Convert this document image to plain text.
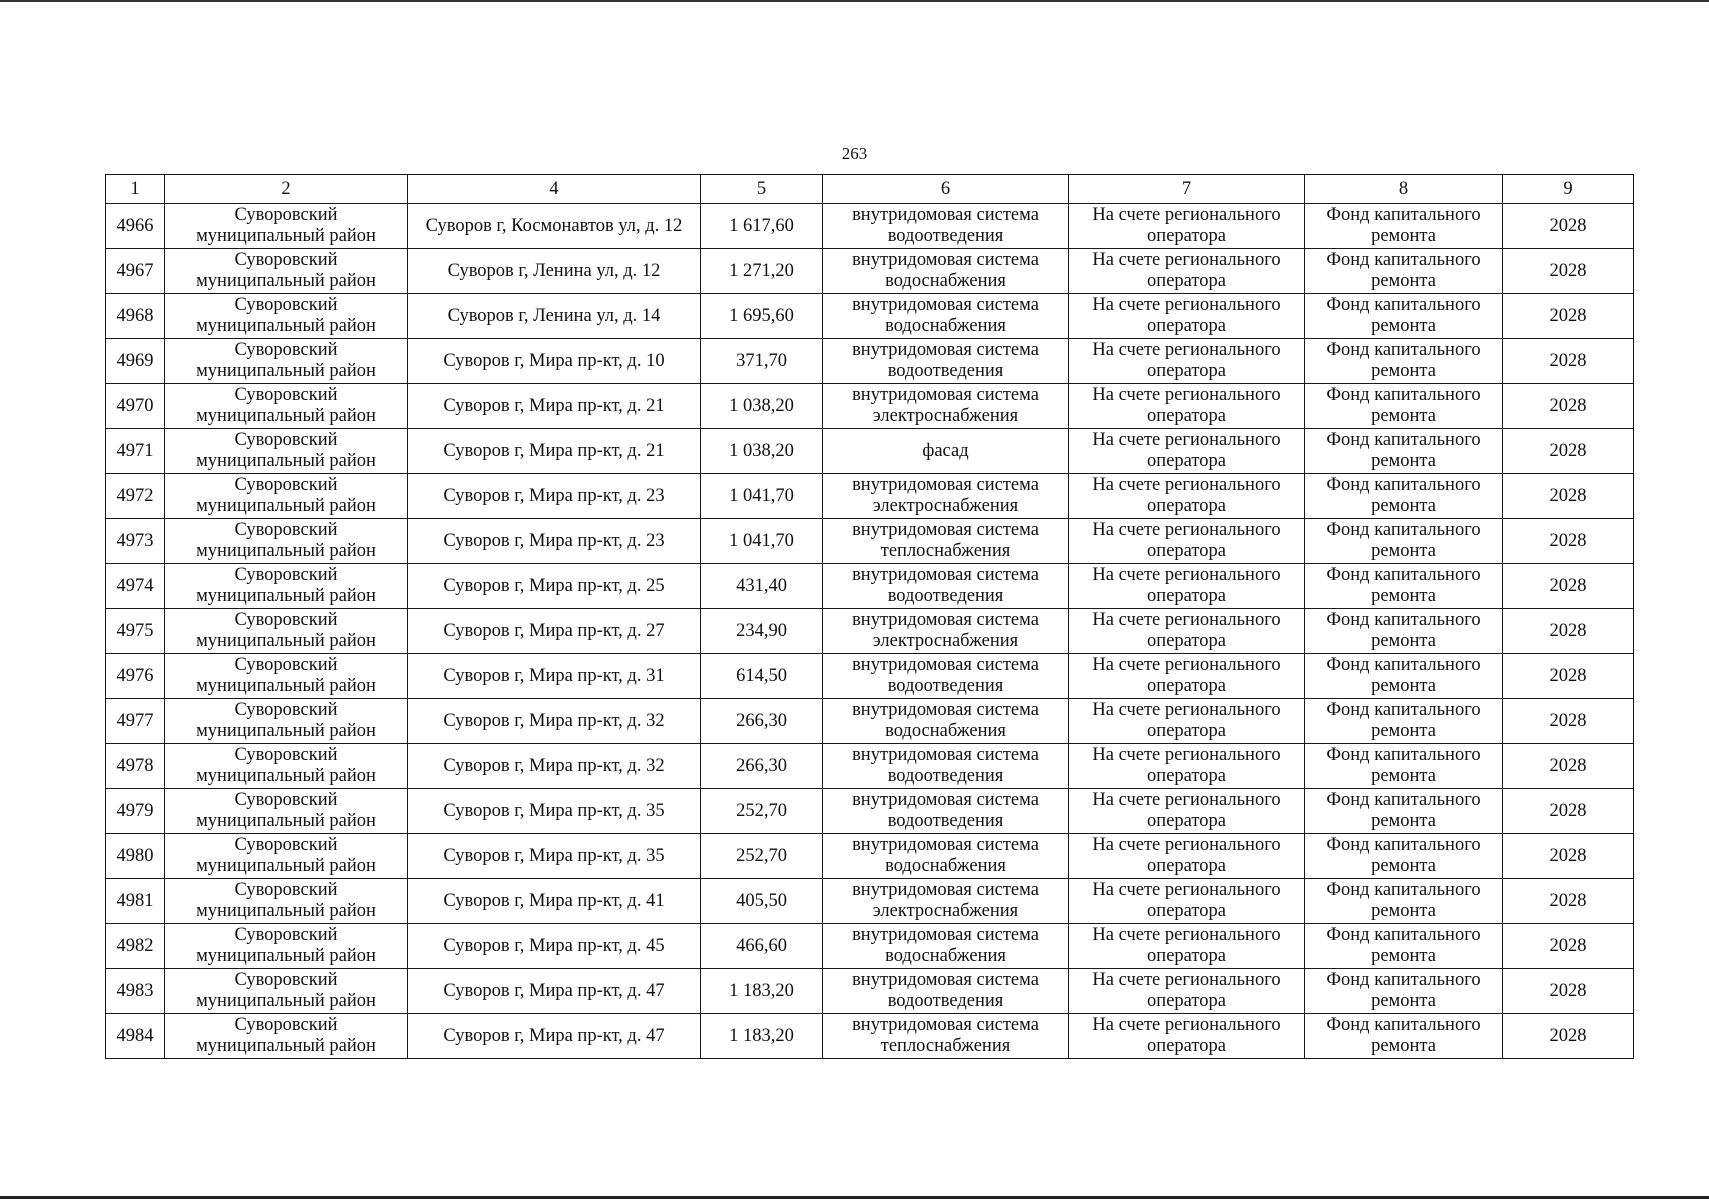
263
1	2	4	5	6	7	8	9
4966	Суворовский муниципальный район	Суворов г, Космонавтов ул, д. 12	1 617,60	внутридомовая система водоотведения	На счете регионального оператора	Фонд капитального ремонта	2028
4967	Суворовский муниципальный район	Суворов г, Ленина ул, д. 12	1 271,20	внутридомовая система водоснабжения	На счете регионального оператора	Фонд капитального ремонта	2028
4968	Суворовский муниципальный район	Суворов г, Ленина ул, д. 14	1 695,60	внутридомовая система водоснабжения	На счете регионального оператора	Фонд капитального ремонта	2028
4969	Суворовский муниципальный район	Суворов г, Мира пр-кт, д. 10	371,70	внутридомовая система водоотведения	На счете регионального оператора	Фонд капитального ремонта	2028
4970	Суворовский муниципальный район	Суворов г, Мира пр-кт, д. 21	1 038,20	внутридомовая система электроснабжения	На счете регионального оператора	Фонд капитального ремонта	2028
4971	Суворовский муниципальный район	Суворов г, Мира пр-кт, д. 21	1 038,20	фасад	На счете регионального оператора	Фонд капитального ремонта	2028
4972	Суворовский муниципальный район	Суворов г, Мира пр-кт, д. 23	1 041,70	внутридомовая система электроснабжения	На счете регионального оператора	Фонд капитального ремонта	2028
4973	Суворовский муниципальный район	Суворов г, Мира пр-кт, д. 23	1 041,70	внутридомовая система теплоснабжения	На счете регионального оператора	Фонд капитального ремонта	2028
4974	Суворовский муниципальный район	Суворов г, Мира пр-кт, д. 25	431,40	внутридомовая система водоотведения	На счете регионального оператора	Фонд капитального ремонта	2028
4975	Суворовский муниципальный район	Суворов г, Мира пр-кт, д. 27	234,90	внутридомовая система электроснабжения	На счете регионального оператора	Фонд капитального ремонта	2028
4976	Суворовский муниципальный район	Суворов г, Мира пр-кт, д. 31	614,50	внутридомовая система водоотведения	На счете регионального оператора	Фонд капитального ремонта	2028
4977	Суворовский муниципальный район	Суворов г, Мира пр-кт, д. 32	266,30	внутридомовая система водоснабжения	На счете регионального оператора	Фонд капитального ремонта	2028
4978	Суворовский муниципальный район	Суворов г, Мира пр-кт, д. 32	266,30	внутридомовая система водоотведения	На счете регионального оператора	Фонд капитального ремонта	2028
4979	Суворовский муниципальный район	Суворов г, Мира пр-кт, д. 35	252,70	внутридомовая система водоотведения	На счете регионального оператора	Фонд капитального ремонта	2028
4980	Суворовский муниципальный район	Суворов г, Мира пр-кт, д. 35	252,70	внутридомовая система водоснабжения	На счете регионального оператора	Фонд капитального ремонта	2028
4981	Суворовский муниципальный район	Суворов г, Мира пр-кт, д. 41	405,50	внутридомовая система электроснабжения	На счете регионального оператора	Фонд капитального ремонта	2028
4982	Суворовский муниципальный район	Суворов г, Мира пр-кт, д. 45	466,60	внутридомовая система водоснабжения	На счете регионального оператора	Фонд капитального ремонта	2028
4983	Суворовский муниципальный район	Суворов г, Мира пр-кт, д. 47	1 183,20	внутридомовая система водоотведения	На счете регионального оператора	Фонд капитального ремонта	2028
4984	Суворовский муниципальный район	Суворов г, Мира пр-кт, д. 47	1 183,20	внутридомовая система теплоснабжения	На счете регионального оператора	Фонд капитального ремонта	2028
